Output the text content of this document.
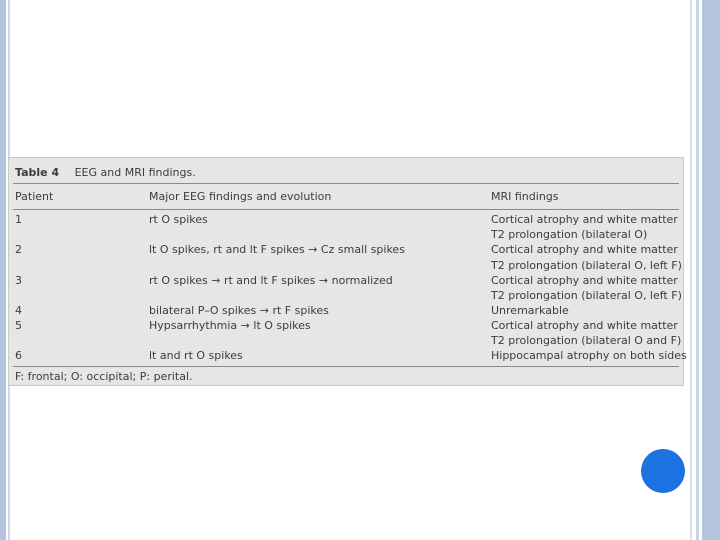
Table 4 EEG and MRI findings.
Patient	Major EEG findings and evolution	MRI findings
1	rt O spikes	Cortical atrophy and white matter
T2 prolongation (bilateral O)
2	lt O spikes, rt and lt F spikes → Cz small spikes	Cortical atrophy and white matter
T2 prolongation (bilateral O, left F)
3	rt O spikes → rt and lt F spikes → normalized	Cortical atrophy and white matter
T2 prolongation (bilateral O, left F)
4	bilateral P–O spikes → rt F spikes	Unremarkable
5	Hypsarrhythmia → lt O spikes	Cortical atrophy and white matter
T2 prolongation (bilateral O and F)
6	lt and rt O spikes	Hippocampal atrophy on both sides
F: frontal; O: occipital; P: perital.
